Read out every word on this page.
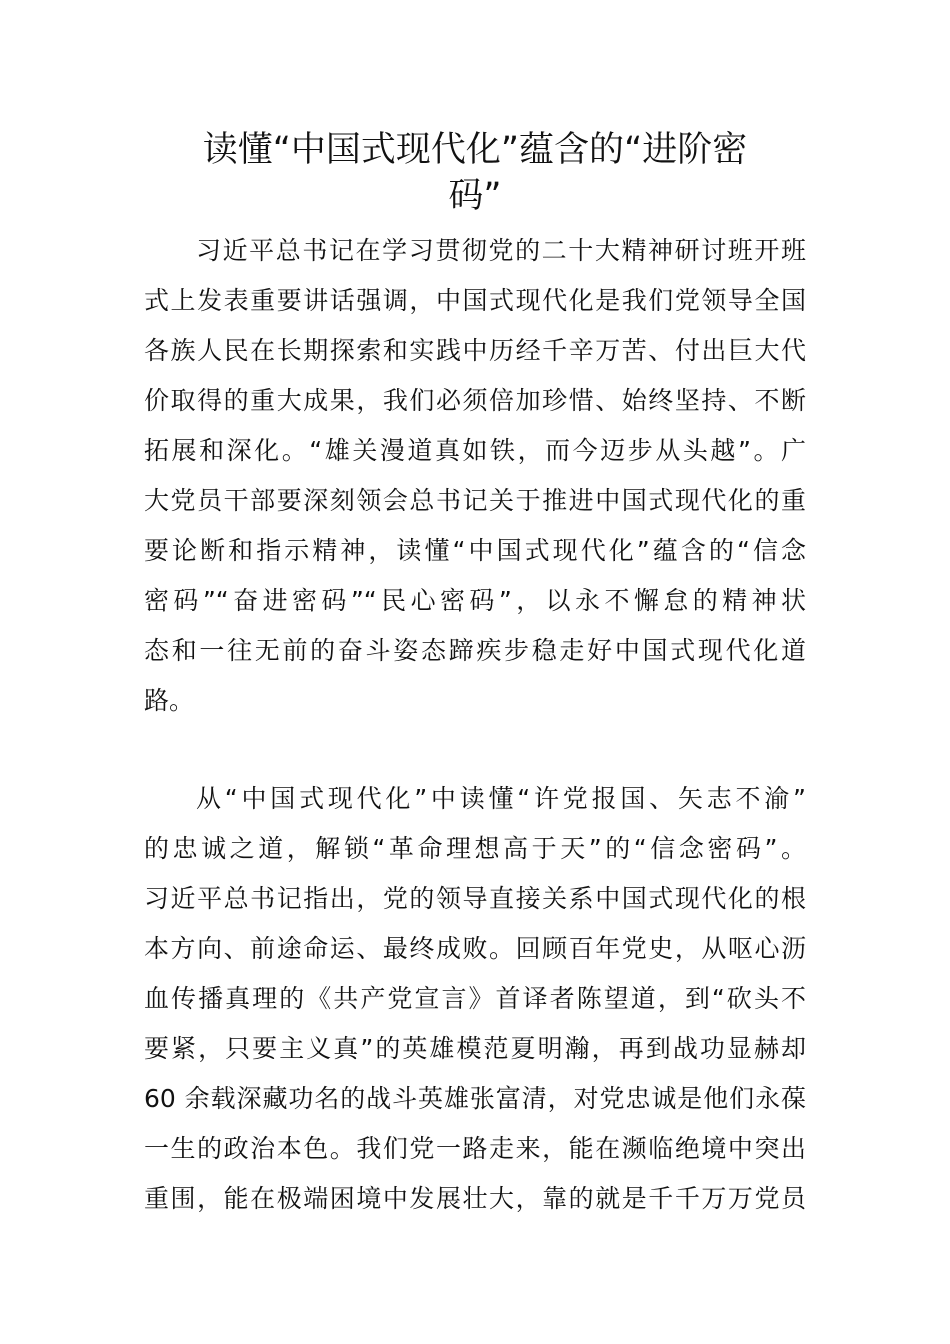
读懂“中国式现代化”蕴含的“进阶密
码”
习近平总书记在学习贯彻党的二十大精神研讨班开班
式上发表重要讲话强调，中国式现代化是我们党领导全国
各族人民在长期探索和实践中历经千辛万苦、付出巨大代
价取得的重大成果，我们必须倍加珍惜、始终坚持、不断
拓展和深化。“雄关漫道真如铁，而今迈步从头越”。广
大党员干部要深刻领会总书记关于推进中国式现代化的重
要论断和指示精神，读懂“中国式现代化”蕴含的“信念
密码”“奋进密码”“民心密码”，以永不懈怠的精神状
态和一往无前的奋斗姿态蹄疾步稳走好中国式现代化道
路。
从“中国式现代化”中读懂“许党报国、矢志不渝”
的忠诚之道，解锁“革命理想高于天”的“信念密码”。
习近平总书记指出，党的领导直接关系中国式现代化的根
本方向、前途命运、最终成败。回顾百年党史，从呕心沥
血传播真理的《共产党宣言》首译者陈望道，到“砍头不
要紧，只要主义真”的英雄模范夏明瀚，再到战功显赫却
60 余载深藏功名的战斗英雄张富清，对党忠诚是他们永葆
一生的政治本色。我们党一路走来，能在濒临绝境中突出
重围，能在极端困境中发展壮大，靠的就是千千万万党员
